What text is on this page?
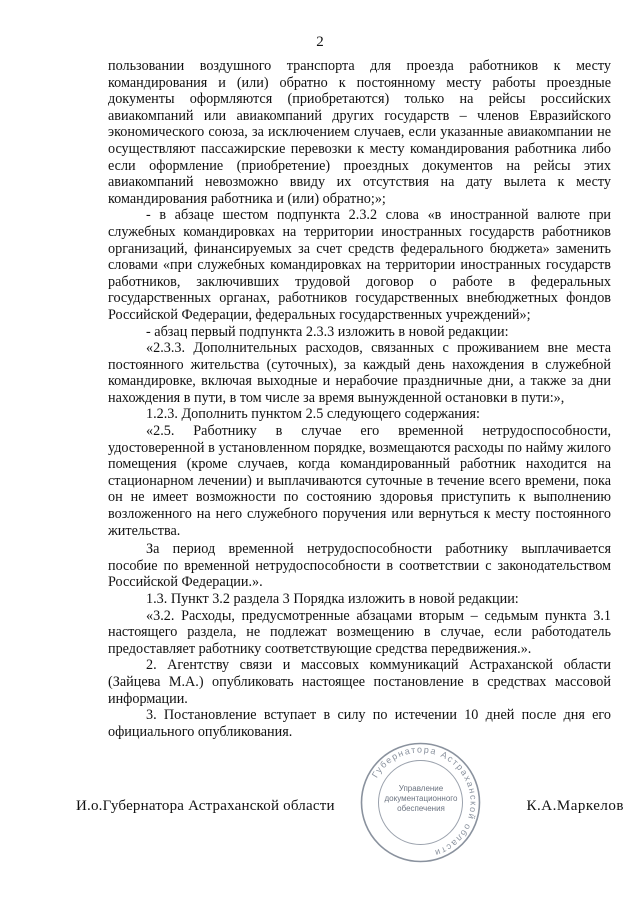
2

пользовании воздушного транспорта для проезда работников к месту командирования и (или) обратно к постоянному месту работы проездные документы оформляются (приобретаются) только на рейсы российских авиакомпаний или авиакомпаний других государств – членов Евразийского экономического союза, за исключением случаев, если указанные авиакомпании не осуществляют пассажирские перевозки к месту командирования работника либо если оформление (приобретение) проездных документов на рейсы этих авиакомпаний невозможно ввиду их отсутствия на дату вылета к месту командирования работника и (или) обратно;»;

- в абзаце шестом подпункта 2.3.2 слова «в иностранной валюте при служебных командировках на территории иностранных государств работников организаций, финансируемых за счет средств федерального бюджета» заменить словами «при служебных командировках на территории иностранных государств работников, заключивших трудовой договор о работе в федеральных государственных органах, работников государственных внебюджетных фондов Российской Федерации, федеральных государственных учреждений»;

- абзац первый подпункта 2.3.3 изложить в новой редакции:

«2.3.3. Дополнительных расходов, связанных с проживанием вне места постоянного жительства (суточных), за каждый день нахождения в служебной командировке, включая выходные и нерабочие праздничные дни, а также за дни нахождения в пути, в том числе за время вынужденной остановки в пути:»,

1.2.3. Дополнить пунктом 2.5 следующего содержания:

«2.5. Работнику в случае его временной нетрудоспособности, удостоверенной в установленном порядке, возмещаются расходы по найму жилого помещения (кроме случаев, когда командированный работник находится на стационарном лечении) и выплачиваются суточные в течение всего времени, пока он не имеет возможности по состоянию здоровья приступить к выполнению возложенного на него служебного поручения или вернуться к месту постоянного жительства.

За период временной нетрудоспособности работнику выплачивается пособие по временной нетрудоспособности в соответствии с законодательством Российской Федерации.».

1.3. Пункт 3.2 раздела 3 Порядка изложить в новой редакции:

«3.2. Расходы, предусмотренные абзацами вторым – седьмым пункта 3.1 настоящего раздела, не подлежат возмещению в случае, если работодатель предоставляет работнику соответствующие средства передвижения.».

2. Агентству связи и массовых коммуникаций Астраханской области (Зайцева М.А.) опубликовать настоящее постановление в средствах массовой информации.

3. Постановление вступает в силу по истечении 10 дней после дня его официального опубликования.

Губернатора Астраханской области
Управление
документационного
обеспечения
И.о.Губернатора Астраханской области	К.А.Маркелов
